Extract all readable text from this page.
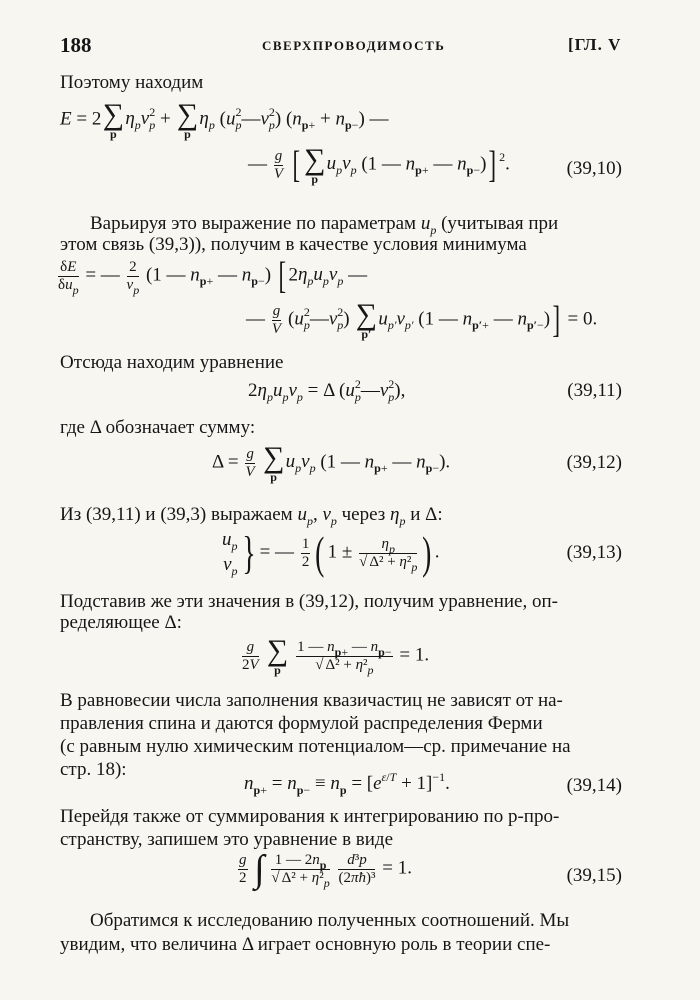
188	СВЕРХПРОВОДИМОСТЬ	[ГЛ. V
Поэтому находим
E = 2 ∑
p
$\eta_pv^2_p$ + ∑
p
$\eta_p$ $(u^2_p—v^2_p) (n_{p+} + n_{p-})$ —
— $\frac{g}{V}$ [ ∑
p
$u_pv_p$ (1 — $n_{p+}$ — $n_{p-}$)] $^2$.	(39,10)
Варьируя это выражение по параметрам $u_p$ (учитывая при
этом связь (39,3)), получим в качестве условия минимума
$\frac{\delta E}{\delta u_p}$ = — $\frac{2}{v_p} (1$ — $n_{p+}$ — $n_{p-}$) [ $2\eta_pu_pv_p$ —
— $\frac{g}{V}$ $(u^2_p—v^2_p)$ ∑
p′
$u_{p'}v_{p'}$ (1 — $n_{p'+}$ — $n_{p'-})] = 0$.
Отсюда находим уравнение
$2\eta_pu_pv_p = \Delta$ $(u^2_p—v^2_p)$,	(39,11)
где Δ обозначает сумму:
$\Delta = \frac{g}{V}$
∑
p
$u_pv_p$ (1 — $n_{p+}$ — $n_{p-}$).	(39,12)
Из (39,11) и (39,3) выражаем $u_p$, $v_p$ через $\eta_p$ и Δ:
$u_p$
$v_p$} = — $\frac{1}{2}$ ( $1 \pm \frac{\eta_p}{√ \Delta^2 + \eta^2_p}$ ) .	(39,13)
Подставив же эти значения в (39,12), получим уравнение, оп-
ределяющее Δ:
$\frac{g}{2V}$
∑
p
	$\frac{1 — n_{p+} — n_{p-}}{√ \Delta^2 + \eta^2_p} = 1$.
В равновесии числа заполнения квазичастиц не зависят от на-
правления спина и даются формулой распределения Ферми
(с равным нулю химическим потенциалом—ср. примечание на
стр. 18):
$n_{p+} = n_{p-} \equiv n_p = [e^{\varepsilon/T} + 1]^{-1}$.	(39,14)
Перейдя также от суммирования к интегрированию по p-про-
странству, запишем это уравнение в виде
$\frac{g}{2}$ ∫ $\frac{1 — 2n_p}{√ \Delta^2 + \eta^2_p}$
$\frac{\text{d³p}}{\text{(2πħ)³}} = 1$.	(39,15)
Обратимся к исследованию полученных соотношений. Мы
увидим, что величина Δ играет основную роль в теории спе-
